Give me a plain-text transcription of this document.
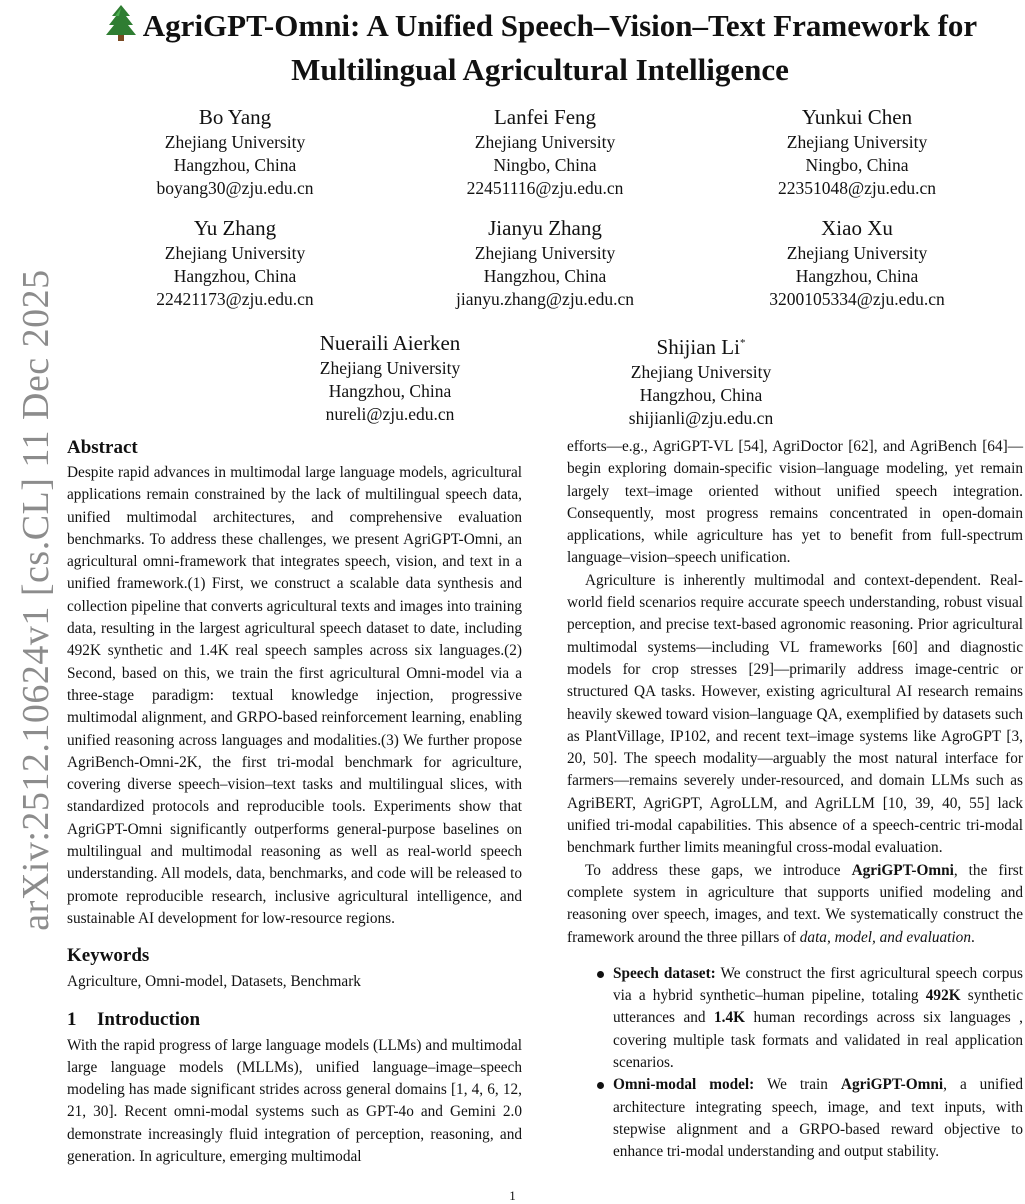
arXiv:2512.10624v1 [cs.CL] 11 Dec 2025
AgriGPT-Omni: A Unified Speech–Vision–Text Framework for
Multilingual Agricultural Intelligence
Bo Yang
Zhejiang University
Hangzhou, China
boyang30@zju.edu.cn
Lanfei Feng
Zhejiang University
Ningbo, China
22451116@zju.edu.cn
Yunkui Chen
Zhejiang University
Ningbo, China
22351048@zju.edu.cn
Yu Zhang
Zhejiang University
Hangzhou, China
22421173@zju.edu.cn
Jianyu Zhang
Zhejiang University
Hangzhou, China
jianyu.zhang@zju.edu.cn
Xiao Xu
Zhejiang University
Hangzhou, China
3200105334@zju.edu.cn
Nueraili Aierken
Zhejiang University
Hangzhou, China
nureli@zju.edu.cn
Shijian Li*
Zhejiang University
Hangzhou, China
shijianli@zju.edu.cn

Abstract

Despite rapid advances in multimodal large language models, agricultural applications remain constrained by the lack of multilingual speech data, unified multimodal architectures, and comprehensive evaluation benchmarks. To address these challenges, we present AgriGPT-Omni, an agricultural omni-framework that integrates speech, vision, and text in a unified framework.(1) First, we construct a scalable data synthesis and collection pipeline that converts agricultural texts and images into training data, resulting in the largest agricultural speech dataset to date, including 492K synthetic and 1.4K real speech samples across six languages.(2) Second, based on this, we train the first agricultural Omni-model via a three-stage paradigm: textual knowledge injection, progressive multimodal alignment, and GRPO-based reinforcement learning, enabling unified reasoning across languages and modalities.(3) We further propose AgriBench-Omni-2K, the first tri-modal benchmark for agriculture, covering diverse speech–vision–text tasks and multilingual slices, with standardized protocols and reproducible tools. Experiments show that AgriGPT-Omni significantly outperforms general-purpose baselines on multilingual and multimodal reasoning as well as real-world speech understanding. All models, data, benchmarks, and code will be released to promote reproducible research, inclusive agricultural intelligence, and sustainable AI development for low-resource regions.

Keywords

Agriculture, Omni-model, Datasets, Benchmark

1 Introduction

With the rapid progress of large language models (LLMs) and multimodal large language models (MLLMs), unified language–image–speech modeling has made significant strides across general domains [1, 4, 6, 12, 21, 30]. Recent omni-modal systems such as GPT-4o and Gemini 2.0 demonstrate increasingly fluid integration of perception, reasoning, and generation. In agriculture, emerging multimodal

efforts—e.g., AgriGPT-VL [54], AgriDoctor [62], and AgriBench [64]—begin exploring domain-specific vision–language modeling, yet remain largely text–image oriented without unified speech integration. Consequently, most progress remains concentrated in open-domain applications, while agriculture has yet to benefit from full-spectrum language–vision–speech unification.

Agriculture is inherently multimodal and context-dependent. Real-world field scenarios require accurate speech understanding, robust visual perception, and precise text-based agronomic reasoning. Prior agricultural multimodal systems—including VL frameworks [60] and diagnostic models for crop stresses [29]—primarily address image-centric or structured QA tasks. However, existing agricultural AI research remains heavily skewed toward vision–language QA, exemplified by datasets such as PlantVillage, IP102, and recent text–image systems like AgroGPT [3, 20, 50]. The speech modality—arguably the most natural interface for farmers—remains severely under-resourced, and domain LLMs such as AgriBERT, AgriGPT, AgroLLM, and AgriLLM [10, 39, 40, 55] lack unified tri-modal capabilities. This absence of a speech-centric tri-modal benchmark further limits meaningful cross-modal evaluation.

To address these gaps, we introduce AgriGPT-Omni, the first complete system in agriculture that supports unified modeling and reasoning over speech, images, and text. We systematically construct the framework around the three pillars of data, model, and evaluation.

Speech dataset: We construct the first agricultural speech corpus via a hybrid synthetic–human pipeline, totaling 492K synthetic utterances and 1.4K human recordings across six languages , covering multiple task formats and validated in real application scenarios.
Omni-modal model: We train AgriGPT-Omni, a unified architecture integrating speech, image, and text inputs, with stepwise alignment and a GRPO-based reward objective to enhance tri-modal understanding and output stability.
1
